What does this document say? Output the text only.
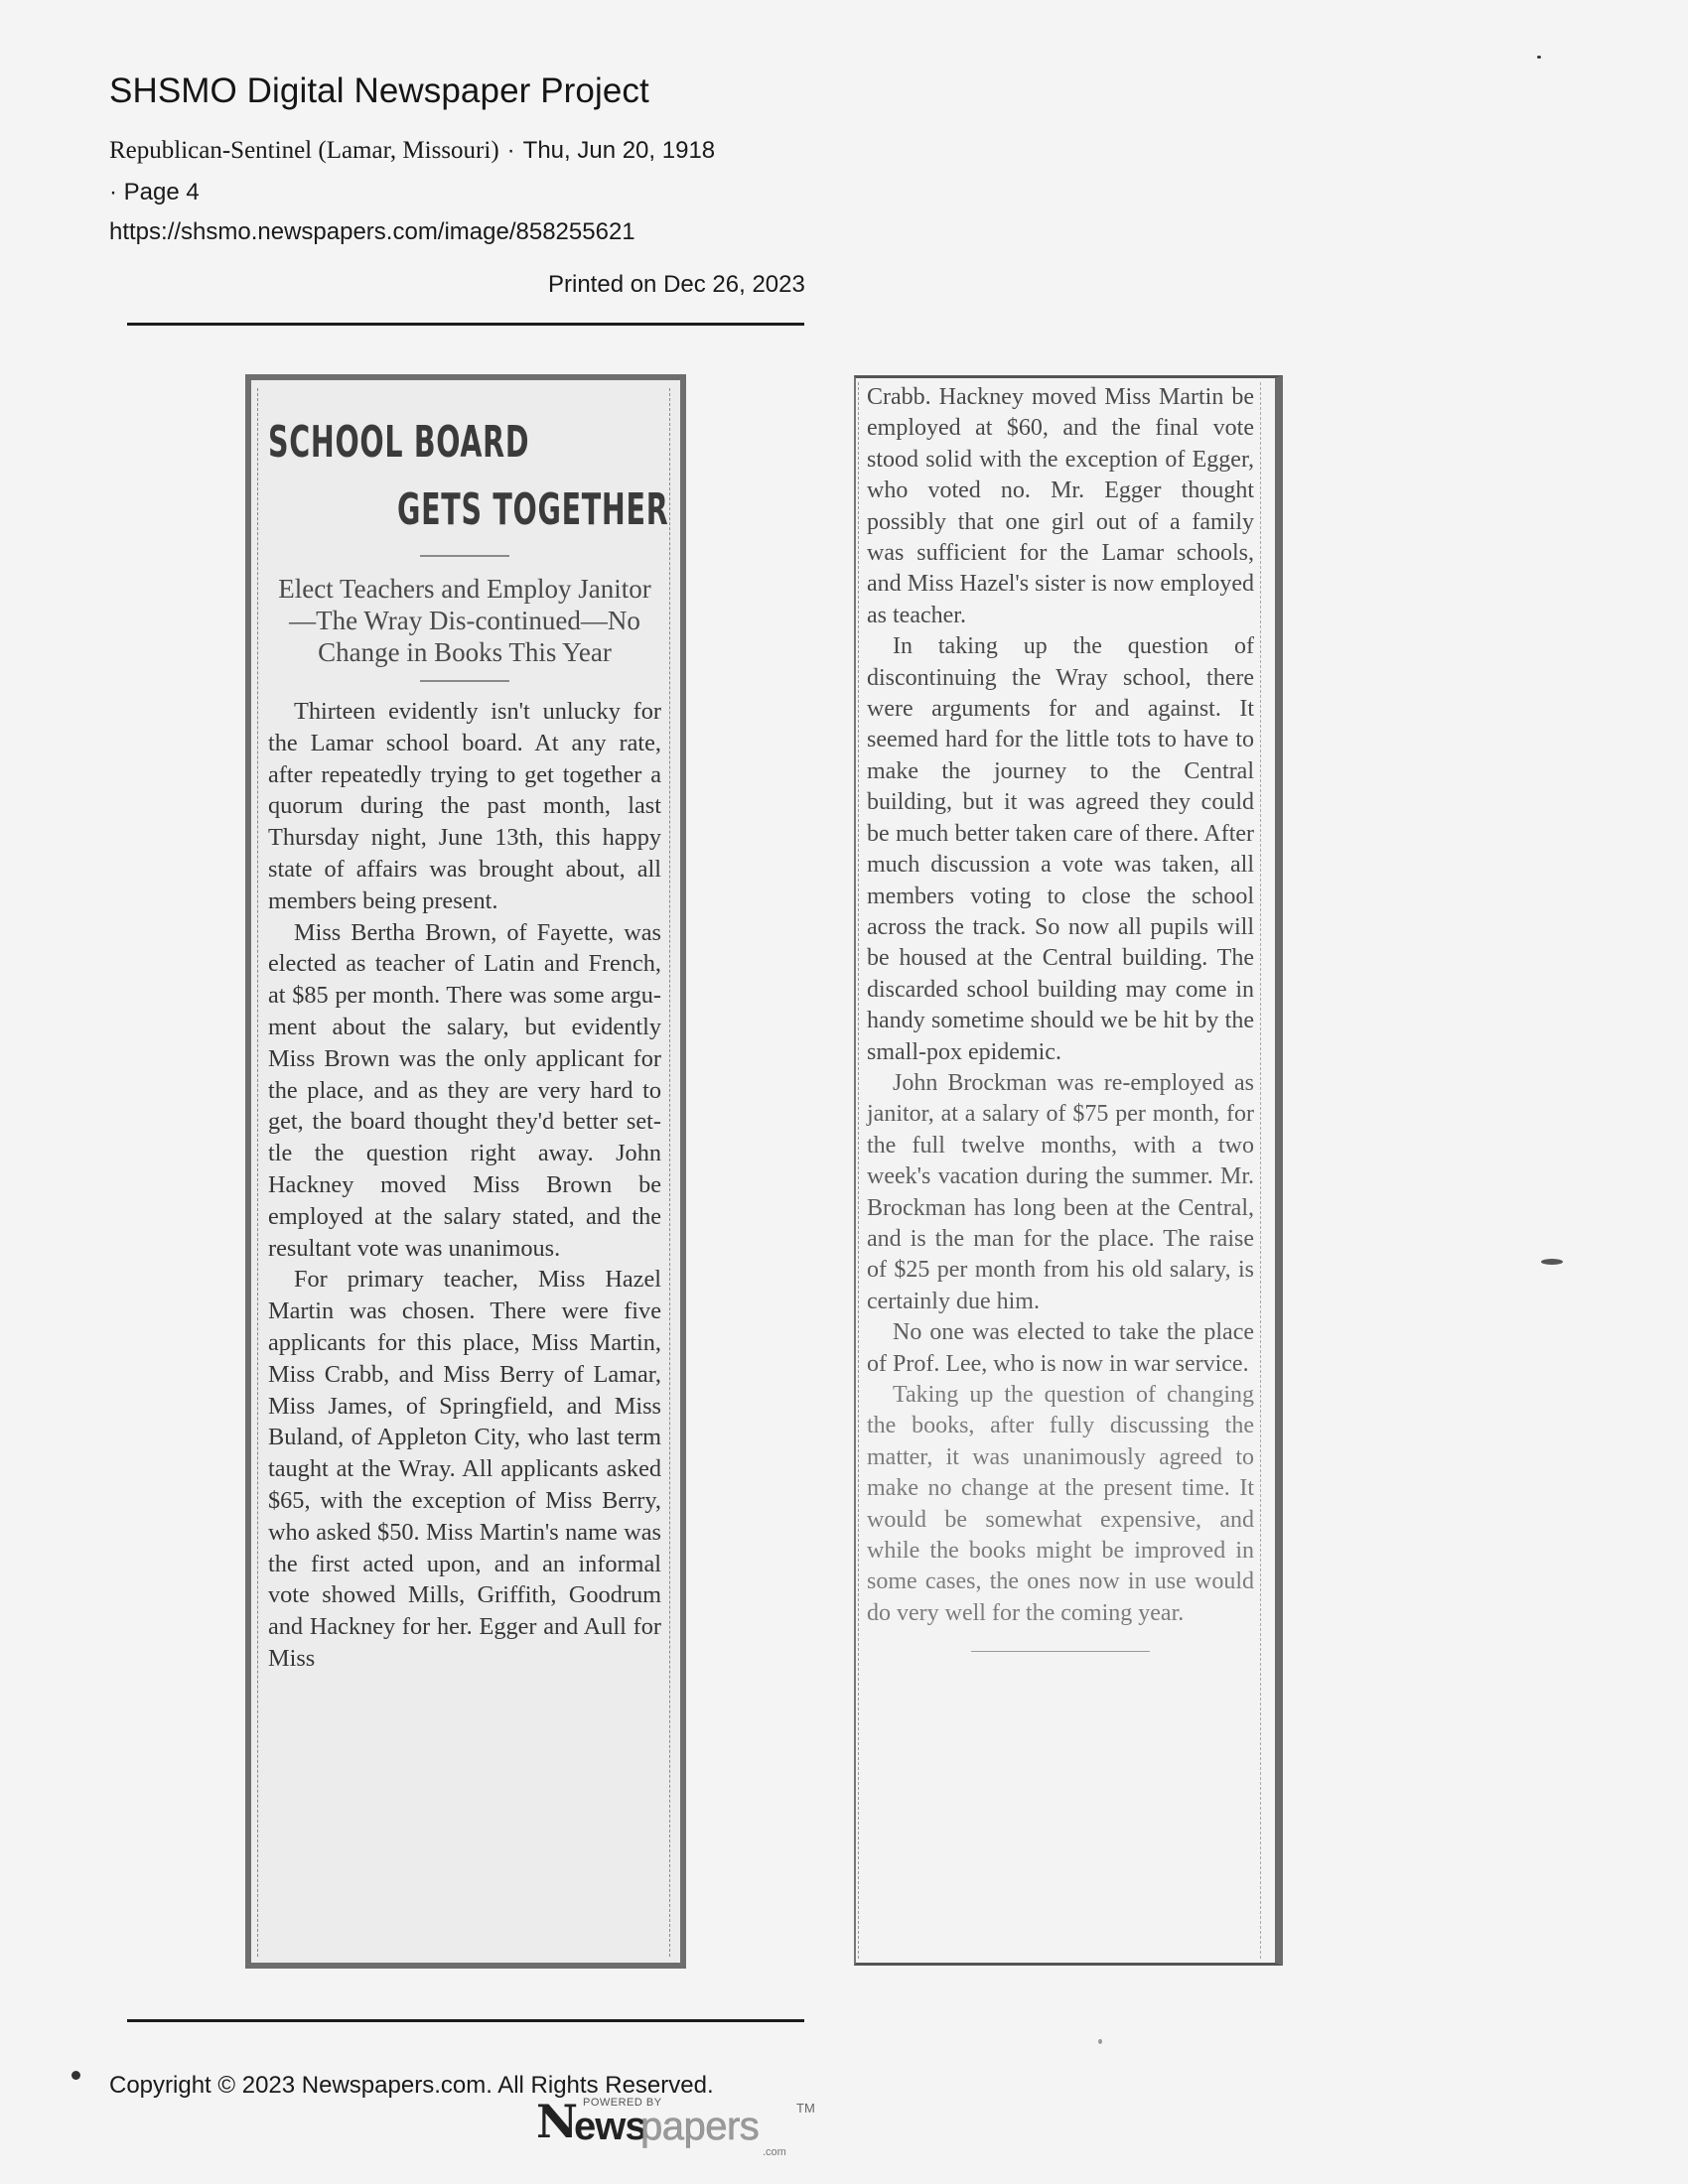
SHSMO Digital Newspaper Project
Republican-Sentinel (Lamar, Missouri) · Thu, Jun 20, 1918
· Page 4
https://shsmo.newspapers.com/image/858255621
Printed on Dec 26, 2023
SCHOOL BOARD
GETS TOGETHER
Elect Teachers and Employ Janitor—The Wray Dis-continued—No Change in Books This Year

Thirteen evidently isn't unlucky for the Lamar school board. At any rate, after repeatedly trying to get together a quorum during the past month, last Thursday night, June 13th, this happy state of affairs was brought about, all members being present.

Miss Bertha Brown, of Fayette, was elected as teacher of Latin and French, at $85 per month. There was some argument about the salary, but evidently Miss Brown was the only applicant for the place, and as they are very hard to get, the board thought they'd better settle the question right away. John Hackney moved Miss Brown be employed at the salary stated, and the resultant vote was unanimous.

For primary teacher, Miss Hazel Martin was chosen. There were five applicants for this place, Miss Martin, Miss Crabb, and Miss Berry of Lamar, Miss James, of Springfield, and Miss Buland, of Appleton City, who last term taught at the Wray. All applicants asked $65, with the exception of Miss Berry, who asked $50. Miss Martin's name was the first acted upon, and an informal vote showed Mills, Griffith, Goodrum and Hackney for her. Egger and Aull for Miss

Crabb. Hackney moved Miss Martin be employed at $60, and the final vote stood solid with the exception of Egger, who voted no. Mr. Egger thought possibly that one girl out of a family was sufficient for the Lamar schools, and Miss Hazel's sister is now employed as teacher.

In taking up the question of discontinuing the Wray school, there were arguments for and against. It seemed hard for the little tots to have to make the journey to the Central building, but it was agreed they could be much better taken care of there. After much discussion a vote was taken, all members voting to close the school across the track. So now all pupils will be housed at the Central building. The discarded school building may come in handy sometime should we be hit by the small-pox epidemic.

John Brockman was re-employed as janitor, at a salary of $75 per month, for the full twelve months, with a two week's vacation during the summer. Mr. Brockman has long been at the Central, and is the man for the place. The raise of $25 per month from his old salary, is certainly due him.

No one was elected to take the place of Prof. Lee, who is now in war service.

Taking up the question of changing the books, after fully discussing the matter, it was unanimously agreed to make no change at the present time. It would be somewhat expensive, and while the books might be improved in some cases, the ones now in use would do very well for the coming year.

Copyright © 2023 Newspapers.com. All Rights Reserved.
N POWERED BY
ews
papers	TM
.com
